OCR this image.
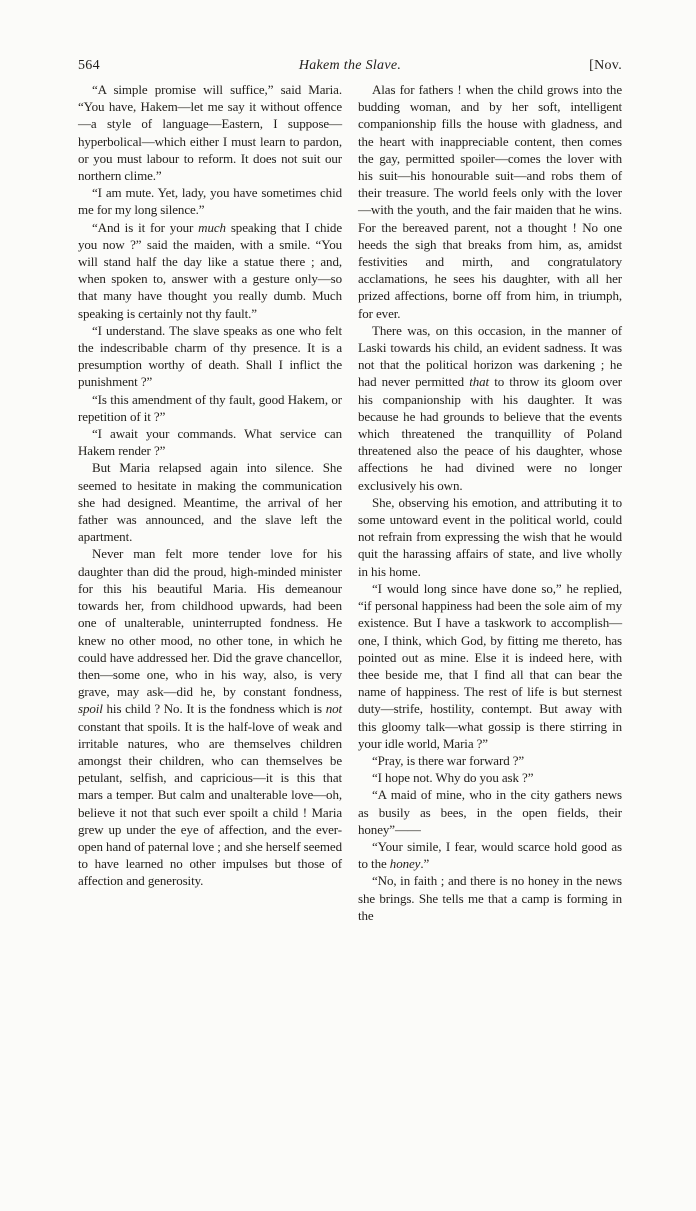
564	Hakem the Slave.	[Nov.

“A simple promise will suffice,” said Maria. “You have, Hakem—let me say it without offence—a style of language—Eastern, I suppose—hyperbolical—which either I must learn to pardon, or you must labour to reform. It does not suit our northern clime.”

“I am mute. Yet, lady, you have sometimes chid me for my long silence.”

“And is it for your much speaking that I chide you now ?” said the maiden, with a smile. “You will stand half the day like a statue there ; and, when spoken to, answer with a gesture only—so that many have thought you really dumb. Much speaking is certainly not thy fault.”

“I understand. The slave speaks as one who felt the indescribable charm of thy presence. It is a presumption worthy of death. Shall I inflict the punishment ?”

“Is this amendment of thy fault, good Hakem, or repetition of it ?”

“I await your commands. What service can Hakem render ?”

But Maria relapsed again into silence. She seemed to hesitate in making the communication she had designed. Meantime, the arrival of her father was announced, and the slave left the apartment.

Never man felt more tender love for his daughter than did the proud, high-minded minister for this his beautiful Maria. His demeanour towards her, from childhood upwards, had been one of unalterable, uninterrupted fondness. He knew no other mood, no other tone, in which he could have addressed her. Did the grave chancellor, then—some one, who in his way, also, is very grave, may ask—did he, by constant fondness, spoil his child ? No. It is the fondness which is not constant that spoils. It is the half-love of weak and irritable natures, who are themselves children amongst their children, who can themselves be petulant, selfish, and capricious—it is this that mars a temper. But calm and unalterable love—oh, believe it not that such ever spoilt a child ! Maria grew up under the eye of affection, and the ever-open hand of paternal love ; and she herself seemed to have learned no other impulses but those of affection and generosity.

Alas for fathers ! when the child grows into the budding woman, and by her soft, intelligent companionship fills the house with gladness, and the heart with inappreciable content, then comes the gay, permitted spoiler—comes the lover with his suit—his honourable suit—and robs them of their treasure. The world feels only with the lover—with the youth, and the fair maiden that he wins. For the bereaved parent, not a thought ! No one heeds the sigh that breaks from him, as, amidst festivities and mirth, and congratulatory acclamations, he sees his daughter, with all her prized affections, borne off from him, in triumph, for ever.

There was, on this occasion, in the manner of Laski towards his child, an evident sadness. It was not that the political horizon was darkening ; he had never permitted that to throw its gloom over his companionship with his daughter. It was because he had grounds to believe that the events which threatened the tranquillity of Poland threatened also the peace of his daughter, whose affections he had divined were no longer exclusively his own.

She, observing his emotion, and attributing it to some untoward event in the political world, could not refrain from expressing the wish that he would quit the harassing affairs of state, and live wholly in his home.

“I would long since have done so,” he replied, “if personal happiness had been the sole aim of my existence. But I have a taskwork to accomplish—one, I think, which God, by fitting me thereto, has pointed out as mine. Else it is indeed here, with thee beside me, that I find all that can bear the name of happiness. The rest of life is but sternest duty—strife, hostility, contempt. But away with this gloomy talk—what gossip is there stirring in your idle world, Maria ?”

“Pray, is there war forward ?”

“I hope not. Why do you ask ?”

“A maid of mine, who in the city gathers news as busily as bees, in the open fields, their honey”——

“Your simile, I fear, would scarce hold good as to the honey.”

“No, in faith ; and there is no honey in the news she brings. She tells me that a camp is forming in the
